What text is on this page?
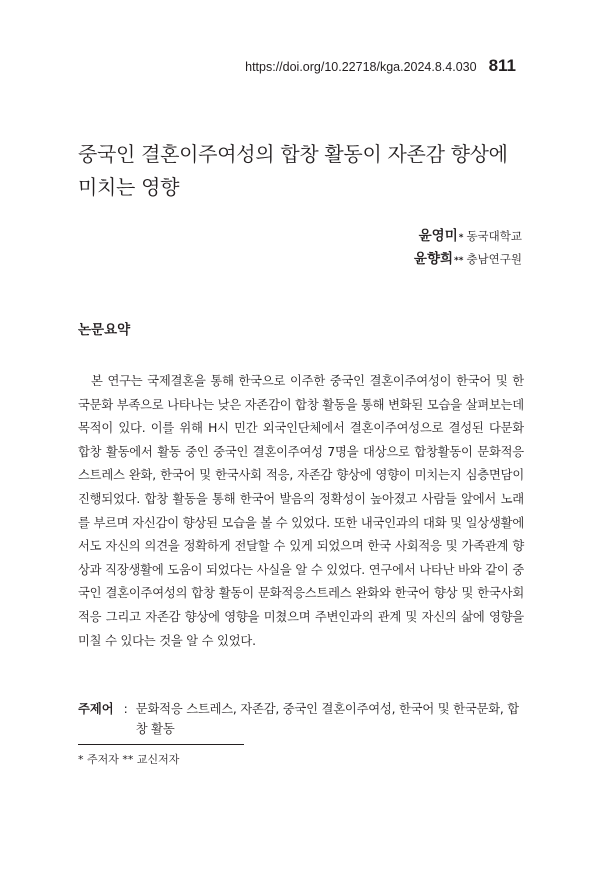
https://doi.org/10.22718/kga.2024.8.4.030 811
중국인 결혼이주여성의 합창 활동이 자존감 향상에 미치는 영향
윤영미* 동국대학교
윤향희** 충남연구원
논문요약

본 연구는 국제결혼을 통해 한국으로 이주한 중국인 결혼이주여성이 한국어 및 한국문화 부족으로 나타나는 낮은 자존감이 합창 활동을 통해 변화된 모습을 살펴보는데 목적이 있다. 이를 위해 H시 민간 외국인단체에서 결혼이주여성으로 결성된 다문화 합창 활동에서 활동 중인 중국인 결혼이주여성 7명을 대상으로 합창활동이 문화적응 스트레스 완화, 한국어 및 한국사회 적응, 자존감 향상에 영향이 미치는지 심층면담이 진행되었다. 합창 활동을 통해 한국어 발음의 정확성이 높아졌고 사람들 앞에서 노래를 부르며 자신감이 향상된 모습을 볼 수 있었다. 또한 내국인과의 대화 및 일상생활에서도 자신의 의견을 정확하게 전달할 수 있게 되었으며 한국 사회적응 및 가족관계 향상과 직장생활에 도움이 되었다는 사실을 알 수 있었다. 연구에서 나타난 바와 같이 중국인 결혼이주여성의 합창 활동이 문화적응스트레스 완화와 한국어 향상 및 한국사회 적응 그리고 자존감 향상에 영향을 미쳤으며 주변인과의 관계 및 자신의 삶에 영향을 미칠 수 있다는 것을 알 수 있었다.

주제어 : 문화적응 스트레스, 자존감, 중국인 결혼이주여성, 한국어 및 한국문화, 합창 활동
* 주저자 ** 교신저자
